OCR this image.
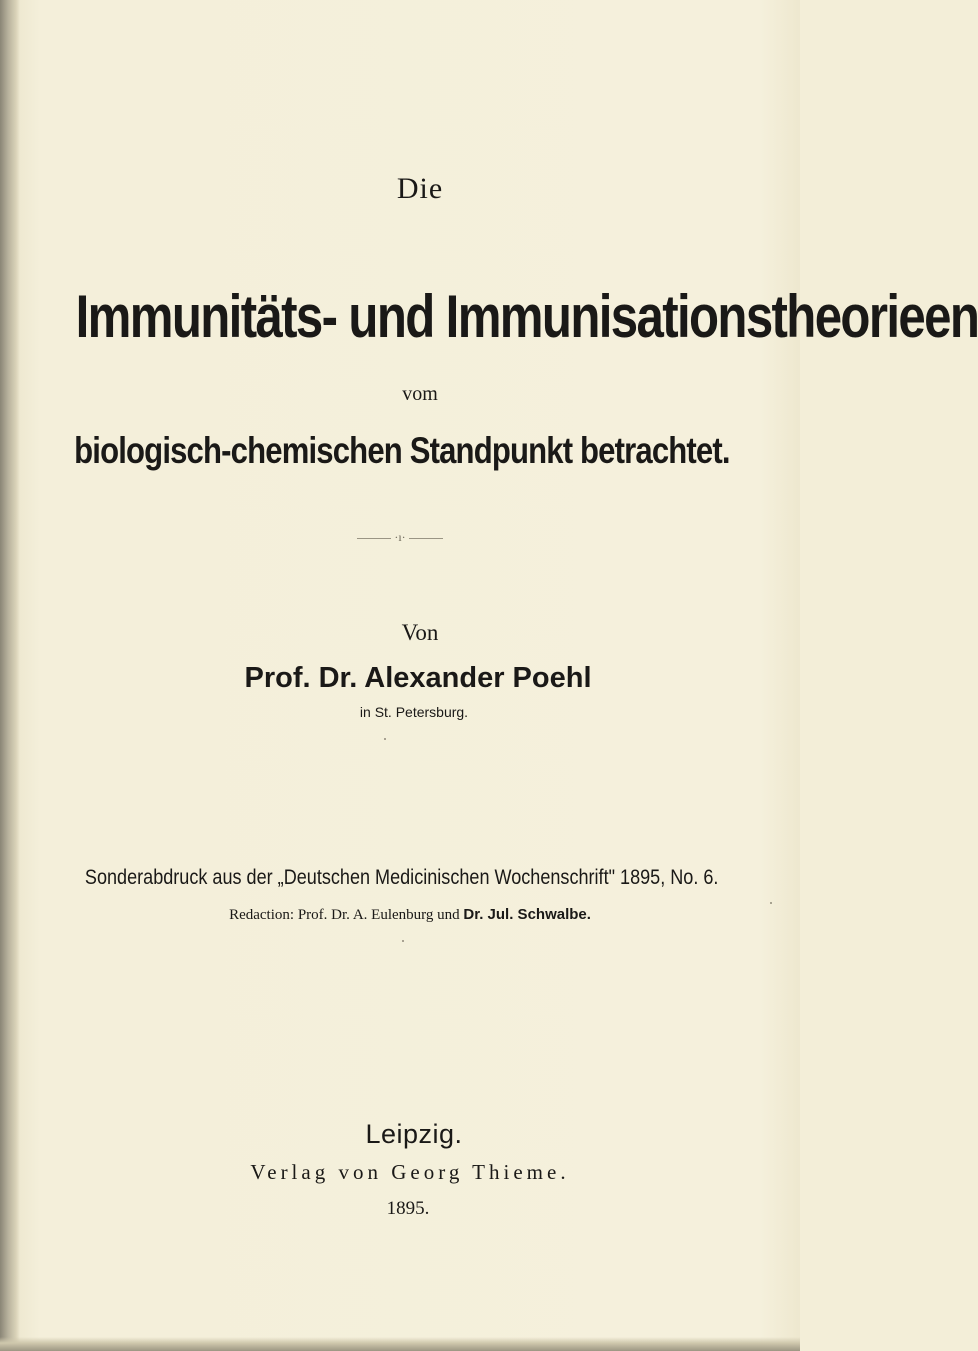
Die
Immunitäts- und Immunisationstheorieen
vom
biologisch-chemischen Standpunkt betrachtet.
·ı·
Von
Prof. Dr. Alexander Poehl
in St. Petersburg.
Sonderabdruck aus der „Deutschen Medicinischen Wochenschrift" 1895, No. 6.
Redaction: Prof. Dr. A. Eulenburg und Dr. Jul. Schwalbe.
Leipzig.
Verlag von Georg Thieme.
1895.
